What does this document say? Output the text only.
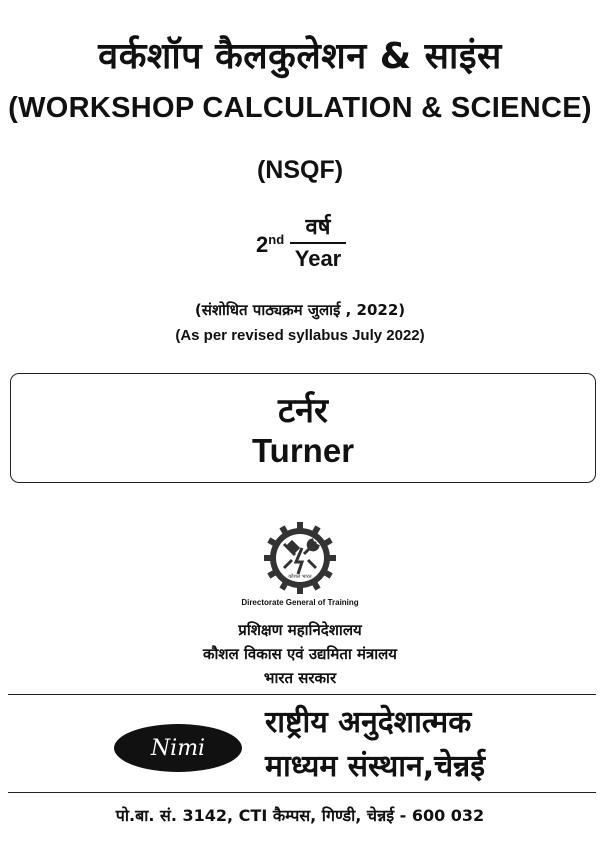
वर्कशॉप कैलकुलेशन & साइंस
(WORKSHOP CALCULATION & SCIENCE)
(NSQF)
2nd वर्ष
Year
(संशोधित पाठ्यक्रम जुलाई , 2022)
(As per revised syllabus July 2022)
टर्नर
Turner
कौशल भारत
Directorate General of Training
प्रशिक्षण महानिदेशालय
कौशल विकास एवं उद्यमिता मंत्रालय
भारत सरकार
Nimi
राष्ट्रीय अनुदेशात्मक
माध्यम संस्थान,चेन्नई
पो.बा. सं. 3142, CTI कैम्पस, गिण्डी, चेन्नई - 600 032
